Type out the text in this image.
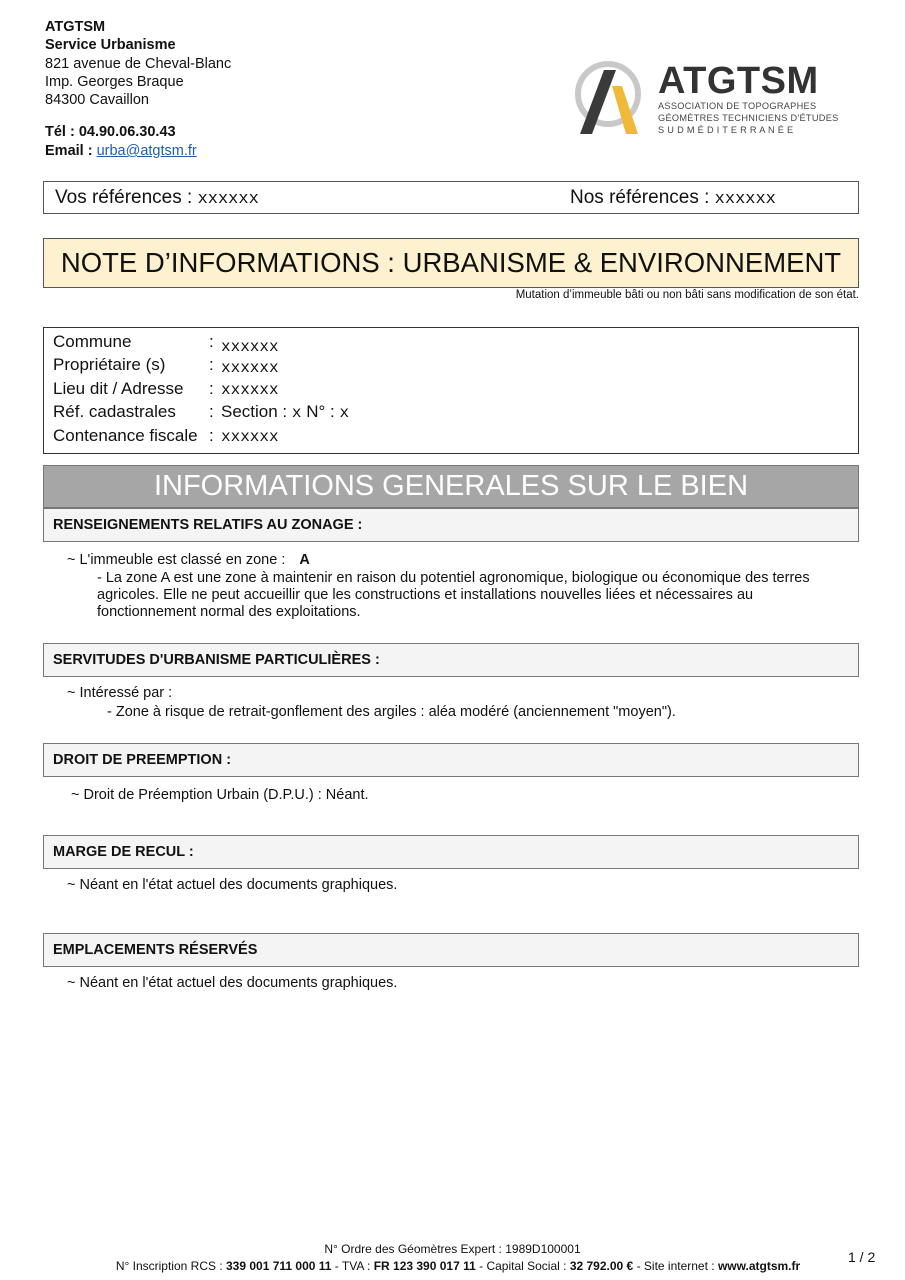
ATGTSM
Service Urbanisme
821 avenue de Cheval-Blanc
Imp. Georges Braque
84300 Cavaillon
Tél : 04.90.06.30.43
Email : urba@atgtsm.fr
ATGTSM
ASSOCIATION DE TOPOGRAPHES
GÉOMÈTRES TECHNICIENS D'ÉTUDES
S U D M É D I T E R R A N É E
Vos références : xxxxxx	Nos références : xxxxxx
NOTE D’INFORMATIONS : URBANISME & ENVIRONNEMENT
Mutation d’immeuble bâti ou non bâti sans modification de son état.
Commune	: xxxxxx
Propriétaire (s)	: xxxxxx
Lieu dit / Adresse : xxxxxx
Réf. cadastrales : Section : x N° : x
Contenance fiscale : xxxxxx
INFORMATIONS GENERALES SUR LE BIEN
RENSEIGNEMENTS RELATIFS AU ZONAGE :
~ L'immeuble est classé en zone : A
- La zone A est une zone à maintenir en raison du potentiel agronomique, biologique ou économique des terres
agricoles. Elle ne peut accueillir que les constructions et installations nouvelles liées et nécessaires au
fonctionnement normal des exploitations.
SERVITUDES D'URBANISME PARTICULIÈRES :
~ Intéressé par :
- Zone à risque de retrait-gonflement des argiles : aléa modéré (anciennement "moyen").
DROIT DE PREEMPTION :
~ Droit de Préemption Urbain (D.P.U.) : Néant.
MARGE DE RECUL :
~ Néant en l'état actuel des documents graphiques.
EMPLACEMENTS RÉSERVÉS
~ Néant en l'état actuel des documents graphiques.
N° Ordre des Géomètres Expert : 1989D100001
N° Inscription RCS : 339 001 711 000 11 - TVA : FR 123 390 017 11 - Capital Social : 32 792.00 € - Site internet : www.atgtsm.fr
1 / 2
